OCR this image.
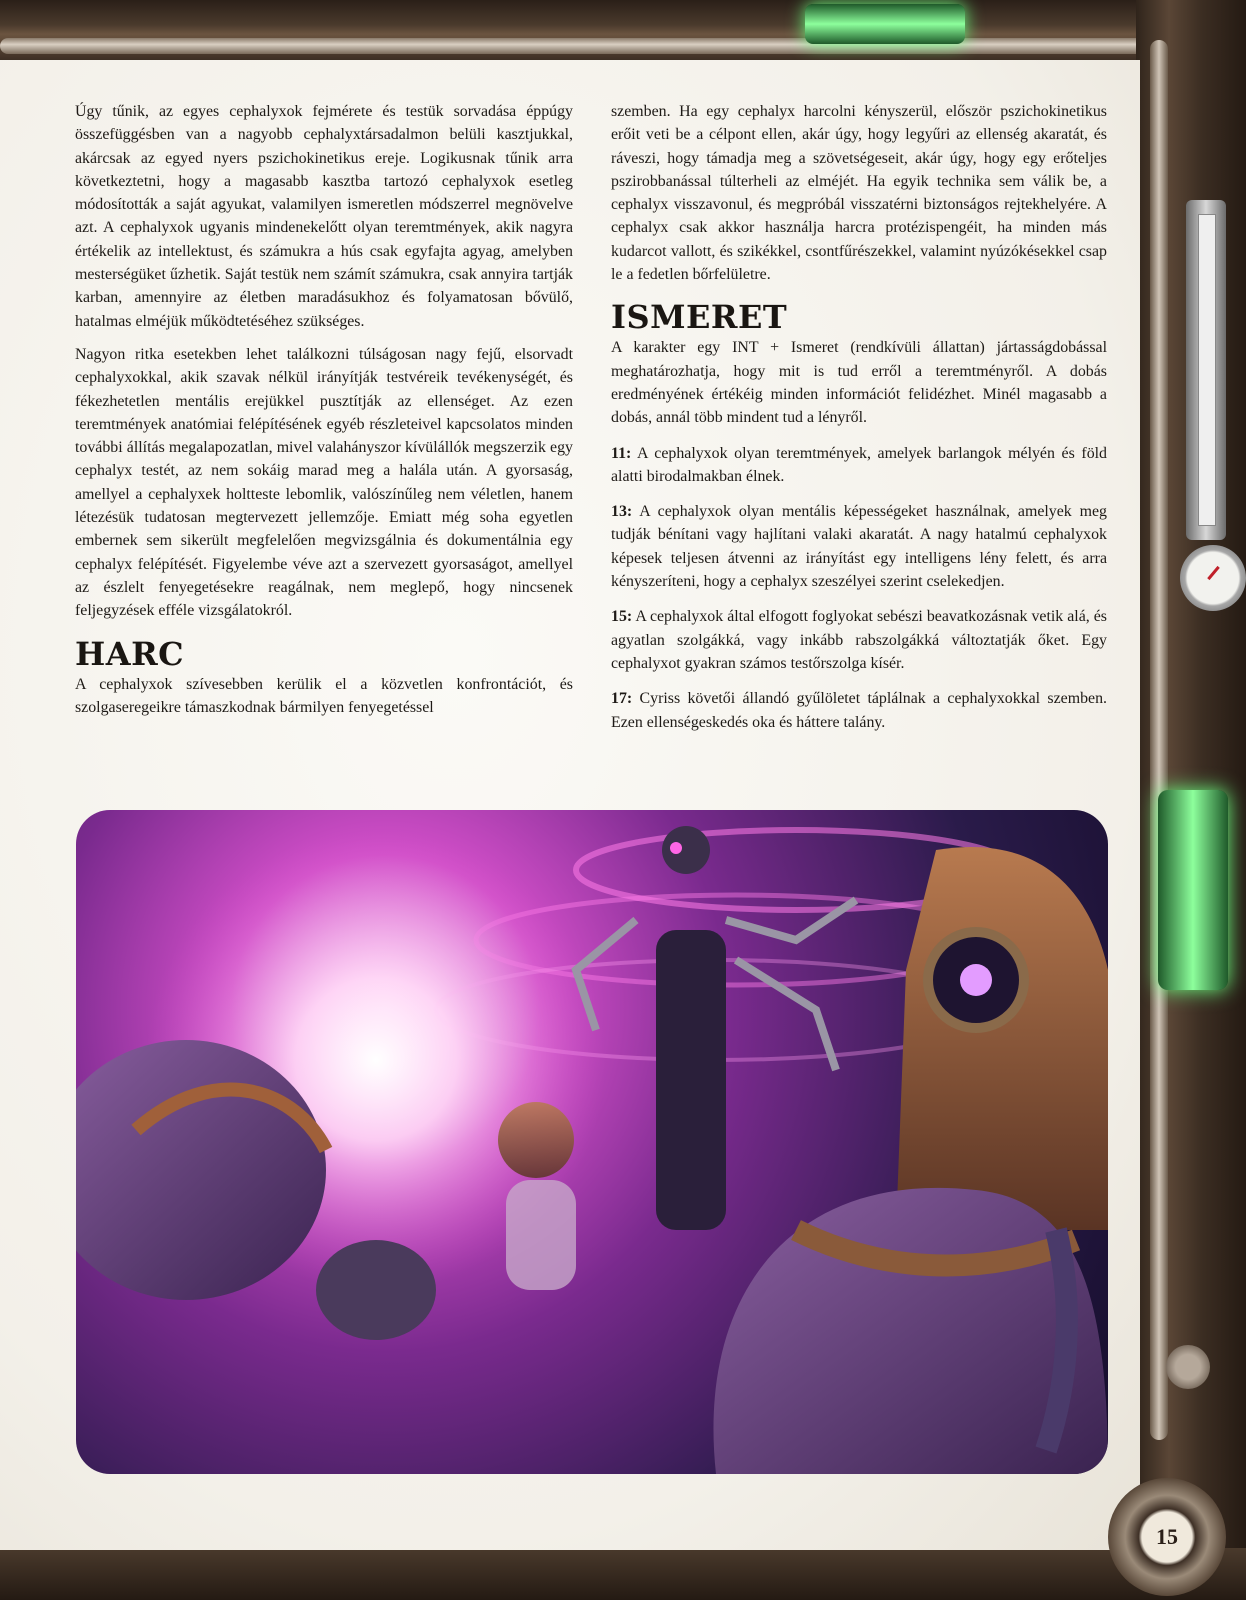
Úgy tűnik, az egyes cephalyxok fejmérete és testük sorvadása éppúgy összefüggésben van a nagyobb cephalyxtársadalmon belüli kasztjukkal, akárcsak az egyed nyers pszichokinetikus ereje. Logikusnak tűnik arra következtetni, hogy a magasabb kasztba tartozó cephalyxok esetleg módosították a saját agyukat, valamilyen ismeretlen módszerrel megnövelve azt. A cephalyxok ugyanis mindenekelőtt olyan teremtmények, akik nagyra értékelik az intellektust, és számukra a hús csak egyfajta agyag, amelyben mesterségüket űzhetik. Saját testük nem számít számukra, csak annyira tartják karban, amennyire az életben maradásukhoz és folyamatosan bővülő, hatalmas elméjük működtetéséhez szükséges.

Nagyon ritka esetekben lehet találkozni túlságosan nagy fejű, elsorvadt cephalyxokkal, akik szavak nélkül irányítják testvéreik tevékenységét, és fékezhetetlen mentális erejükkel pusztítják az ellenséget. Az ezen teremtmények anatómiai felépítésének egyéb részleteivel kapcsolatos minden további állítás megalapozatlan, mivel valahányszor kívülállók megszerzik egy cephalyx testét, az nem sokáig marad meg a halála után. A gyorsaság, amellyel a cephalyxek holtteste lebomlik, valószínűleg nem véletlen, hanem létezésük tudatosan megtervezett jellemzője. Emiatt még soha egyetlen embernek sem sikerült megfelelően megvizsgálnia és dokumentálnia egy cephalyx felépítését. Figyelembe véve azt a szervezett gyorsaságot, amellyel az észlelt fenyegetésekre reagálnak, nem meglepő, hogy nincsenek feljegyzések efféle vizsgálatokról.

HARC

A cephalyxok szívesebben kerülik el a közvetlen konfrontációt, és szolgaseregeikre támaszkodnak bármilyen fenyegetéssel

szemben. Ha egy cephalyx harcolni kényszerül, először pszichokinetikus erőit veti be a célpont ellen, akár úgy, hogy legyűri az ellenség akaratát, és ráveszi, hogy támadja meg a szövetségeseit, akár úgy, hogy egy erőteljes pszirobbanással túlterheli az elméjét. Ha egyik technika sem válik be, a cephalyx visszavonul, és megpróbál visszatérni biztonságos rejtekhelyére. A cephalyx csak akkor használja harcra protézispengéit, ha minden más kudarcot vallott, és szikékkel, csontfűrészekkel, valamint nyúzókésekkel csap le a fedetlen bőrfelületre.

ISMERET

A karakter egy INT + Ismeret (rendkívüli állattan) jártasságdobással meghatározhatja, hogy mit is tud erről a teremtményről. A dobás eredményének értékéig minden információt felidézhet. Minél magasabb a dobás, annál több mindent tud a lényről.

11: A cephalyxok olyan teremtmények, amelyek barlangok mélyén és föld alatti birodalmakban élnek.

13: A cephalyxok olyan mentális képességeket használnak, amelyek meg tudják bénítani vagy hajlítani valaki akaratát. A nagy hatalmú cephalyxok képesek teljesen átvenni az irányítást egy intelligens lény felett, és arra kényszeríteni, hogy a cephalyx szeszélyei szerint cselekedjen.

15: A cephalyxok által elfogott foglyokat sebészi beavatkozásnak vetik alá, és agyatlan szolgákká, vagy inkább rabszolgákká változtatják őket. Egy cephalyxot gyakran számos testőrszolga kísér.

17: Cyriss követői állandó gyűlöletet táplálnak a cephalyxokkal szemben. Ezen ellenségeskedés oka és háttere talány.

15
